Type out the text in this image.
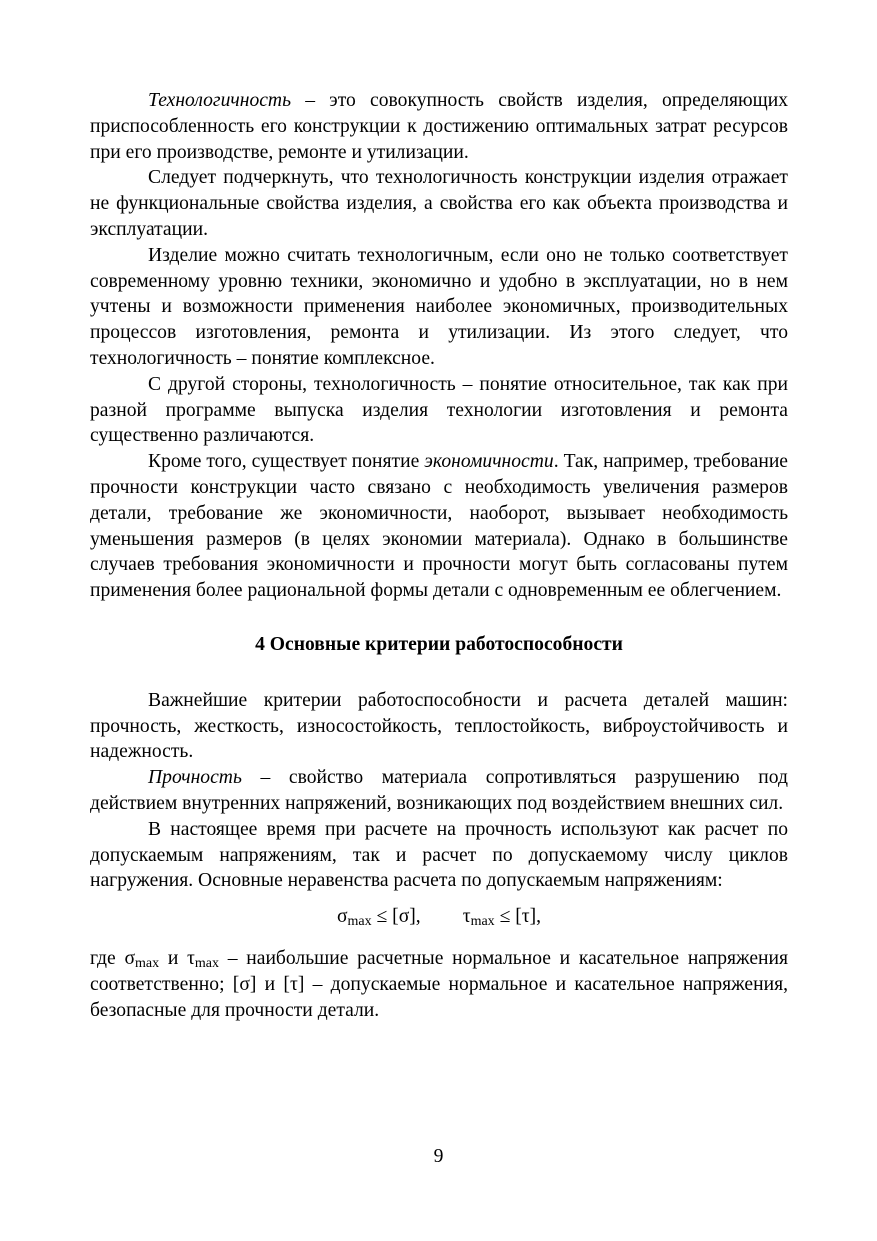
Технологичность – это совокупность свойств изделия, определяющих приспособленность его конструкции к достижению оптимальных затрат ресурсов при его производстве, ремонте и утилизации.

Следует подчеркнуть, что технологичность конструкции изделия отражает не функциональные свойства изделия, а свойства его как объекта производства и эксплуатации.

Изделие можно считать технологичным, если оно не только соответствует современному уровню техники, экономично и удобно в эксплуатации, но в нем учтены и возможности применения наиболее экономичных, производительных процессов изготовления, ремонта и утилизации. Из этого следует, что технологичность – понятие комплексное.

С другой стороны, технологичность – понятие относительное, так как при разной программе выпуска изделия технологии изготовления и ремонта существенно различаются.

Кроме того, существует понятие экономичности. Так, например, требование прочности конструкции часто связано с необходимость увеличения размеров детали, требование же экономичности, наоборот, вызывает необходимость уменьшения размеров (в целях экономии материала). Однако в большинстве случаев требования экономичности и прочности могут быть согласованы путем применения более рациональной формы детали с одновременным ее облегчением.

4 Основные критерии работоспособности

Важнейшие критерии работоспособности и расчета деталей машин: прочность, жесткость, износостойкость, теплостойкость, виброустойчивость и надежность.

Прочность – свойство материала сопротивляться разрушению под действием внутренних напряжений, возникающих под воздействием внешних сил.

В настоящее время при расчете на прочность используют как расчет по допускаемым напряжениям, так и расчет по допускаемому числу циклов нагружения. Основные неравенства расчета по допускаемым напряжениям:

$\sigma_{max} \le [\sigma]$, $\tau_{max} \le [\tau]$,

где $\sigma_{max}$ и $\tau_{max}$ – наибольшие расчетные нормальное и касательное напряжения соответственно; [σ] и [τ] – допускаемые нормальное и касательное напряжения, безопасные для прочности детали.

9
